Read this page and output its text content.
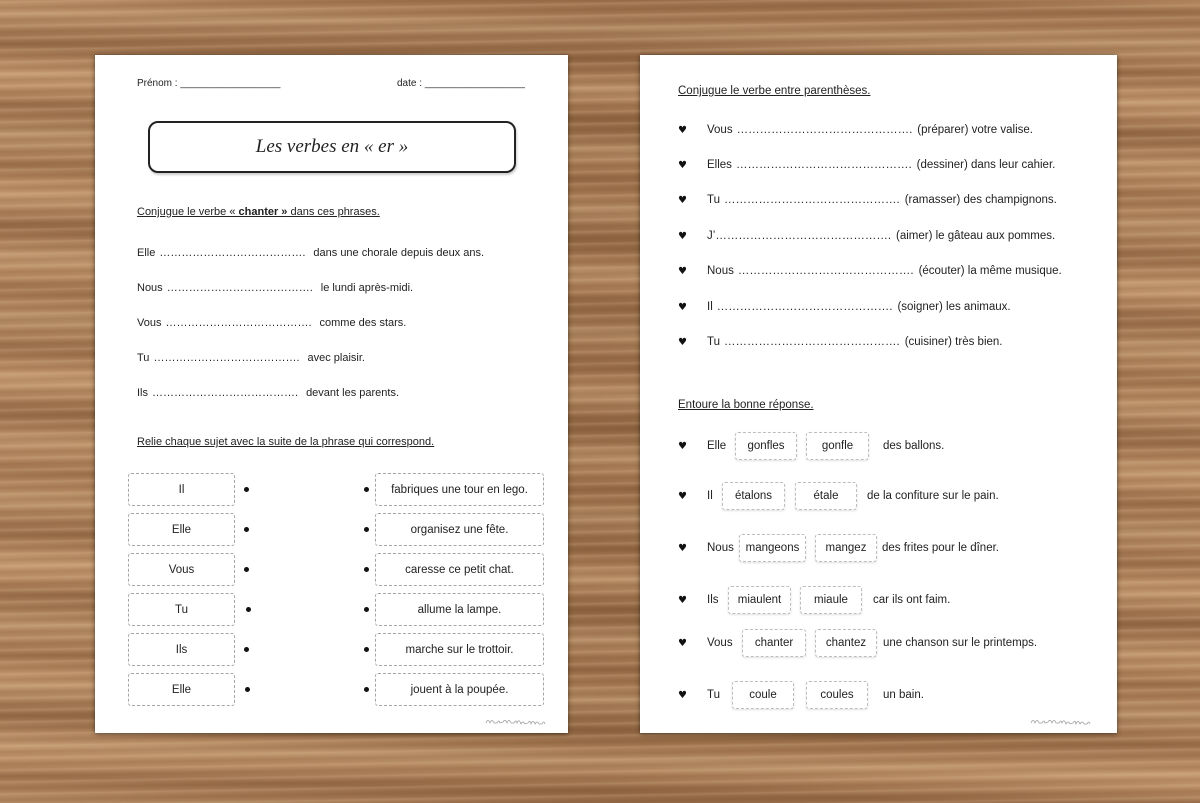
Prénom : __________________	date : __________________
Les verbes en « er »
Conjugue le verbe « chanter » dans ces phrases.
Elle …………………………………. dans une chorale depuis deux ans.
Nous …………………………………. le lundi après-midi.
Vous …………………………………. comme des stars.
Tu …………………………………. avec plaisir.
Ils …………………………………. devant les parents.
Relie chaque sujet avec la suite de la phrase qui correspond.
Il	fabriques une tour en lego.
Elle	organisez une fête.
Vous	caresse ce petit chat.
Tu	allume la lampe.
Ils	marche sur le trottoir.
Elle	jouent à la poupée.
Conjugue le verbe entre parenthèses.
♥Vous ………………………………………. (préparer) votre valise.
♥Elles ………………………………………. (dessiner) dans leur cahier.
♥Tu ………………………………………. (ramasser) des champignons.
♥J’………………………………………. (aimer) le gâteau aux pommes.
♥Nous ………………………………………. (écouter) la même musique.
♥Il ………………………………………. (soigner) les animaux.
♥Tu ………………………………………. (cuisiner) très bien.
Entoure la bonne réponse.
♥Elle	gonfles	gonfle	des ballons.
♥Il	étalons	étale	de la confiture sur le pain.
♥Nous	mangeons	mangez	des frites pour le dîner.
♥Ils	miaulent	miaule	car ils ont faim.
♥Vous	chanter	chantez	une chanson sur le printemps.
♥Tu	coule	coules	un bain.
